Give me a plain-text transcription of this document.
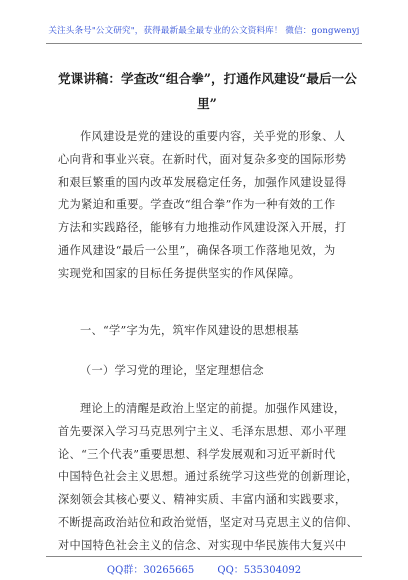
关注头条号"公文研究"，获得最新最全最专业的公文资料库！ 微信：gongwenyj
党课讲稿：学查改“组合拳”，打通作风建设“最后一公
里”
作风建设是党的建设的重要内容，关乎党的形象、人
心向背和事业兴衰。在新时代，面对复杂多变的国际形势
和艰巨繁重的国内改革发展稳定任务，加强作风建设显得
尤为紧迫和重要。学查改“组合拳”作为一种有效的工作
方法和实践路径，能够有力地推动作风建设深入开展，打
通作风建设“最后一公里”，确保各项工作落地见效，为
实现党和国家的目标任务提供坚实的作风保障。
一、“学”字为先，筑牢作风建设的思想根基
（一）学习党的理论，坚定理想信念
理论上的清醒是政治上坚定的前提。加强作风建设，
首先要深入学习马克思列宁主义、毛泽东思想、邓小平理
论、“三个代表”重要思想、科学发展观和习近平新时代
中国特色社会主义思想。通过系统学习这些党的创新理论，
深刻领会其核心要义、精神实质、丰富内涵和实践要求，
不断提高政治站位和政治觉悟，坚定对马克思主义的信仰、
对中国特色社会主义的信念、对实现中华民族伟大复兴中
QQ群：30265665 QQ：535304092
